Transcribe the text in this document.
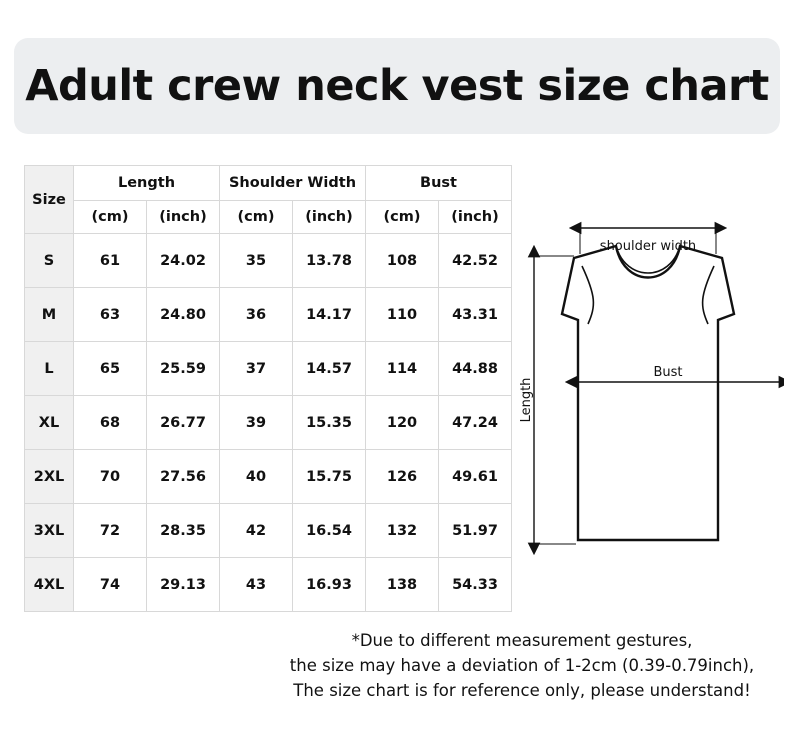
Adult crew neck vest size chart
Size	Length		Shoulder Width		Bust	
	(cm)	(inch)	(cm)	(inch)	(cm)	(inch)
S	61	24.02	35	13.78	108	42.52
M	63	24.80	36	14.17	110	43.31
L	65	25.59	37	14.57	114	44.88
XL	68	26.77	39	15.35	120	47.24
2XL	70	27.56	40	15.75	126	49.61
3XL	72	28.35	42	16.54	132	51.97
4XL	74	29.13	43	16.93	138	54.33
shoulder width
Bust
Length
*Due to different measurement gestures,
the size may have a deviation of 1-2cm (0.39-0.79inch),
The size chart is for reference only, please understand!
